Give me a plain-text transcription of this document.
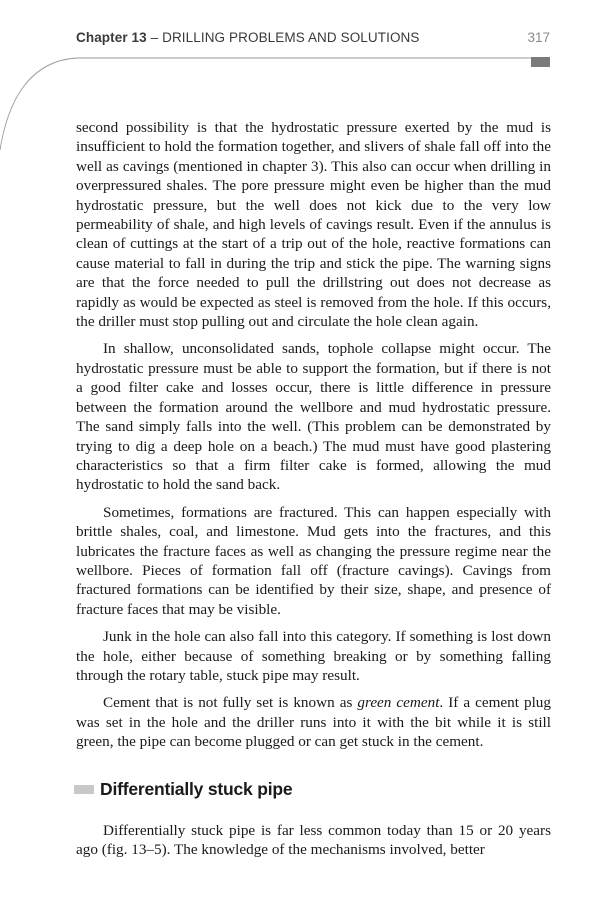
Chapter 13 – DRILLING PROBLEMS AND SOLUTIONS	317

second possibility is that the hydrostatic pressure exerted by the mud is insufficient to hold the formation together, and slivers of shale fall off into the well as cavings (mentioned in chapter 3). This also can occur when drilling in overpressured shales. The pore pressure might even be higher than the mud hydrostatic pressure, but the well does not kick due to the very low permeability of shale, and high levels of cavings result. Even if the annulus is clean of cuttings at the start of a trip out of the hole, reactive formations can cause material to fall in during the trip and stick the pipe. The warning signs are that the force needed to pull the drillstring out does not decrease as rapidly as would be expected as steel is removed from the hole. If this occurs, the driller must stop pulling out and circulate the hole clean again.

In shallow, unconsolidated sands, tophole collapse might occur. The hydrostatic pressure must be able to support the formation, but if there is not a good filter cake and losses occur, there is little difference in pressure between the formation around the wellbore and mud hydrostatic pressure. The sand simply falls into the well. (This problem can be demonstrated by trying to dig a deep hole on a beach.) The mud must have good plastering characteristics so that a firm filter cake is formed, allowing the mud hydrostatic to hold the sand back.

Sometimes, formations are fractured. This can happen especially with brittle shales, coal, and limestone. Mud gets into the fractures, and this lubricates the fracture faces as well as changing the pressure regime near the wellbore. Pieces of formation fall off (fracture cavings). Cavings from fractured formations can be identified by their size, shape, and presence of fracture faces that may be visible.

Junk in the hole can also fall into this category. If something is lost down the hole, either because of something breaking or by something falling through the rotary table, stuck pipe may result.

Cement that is not fully set is known as green cement. If a cement plug was set in the hole and the driller runs into it with the bit while it is still green, the pipe can become plugged or can get stuck in the cement.

Differentially stuck pipe

Differentially stuck pipe is far less common today than 15 or 20 years ago (fig. 13–5). The knowledge of the mechanisms involved, better
